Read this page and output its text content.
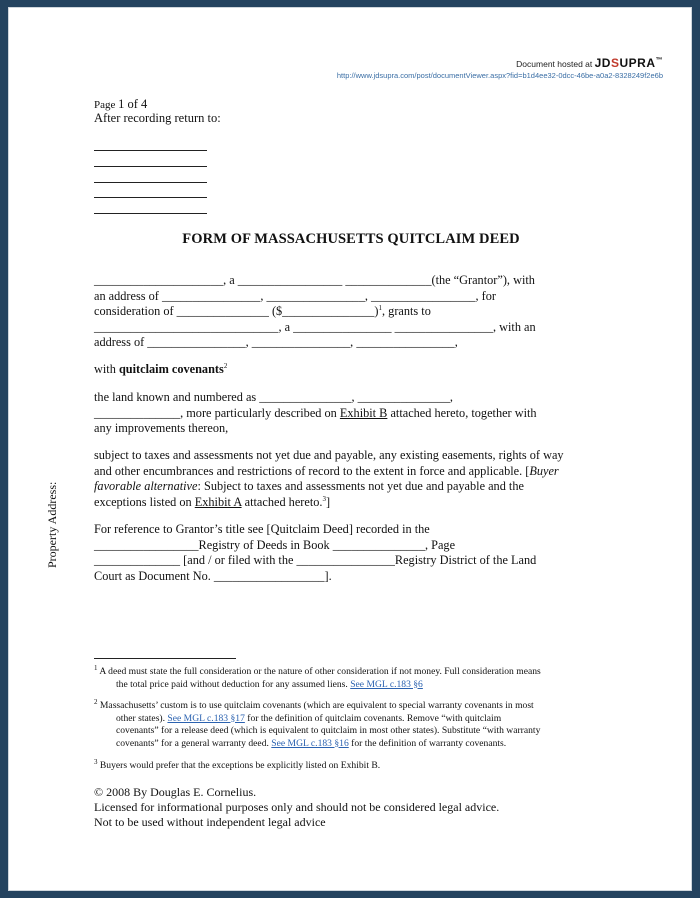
Document hosted at JDSUPRA™
http://www.jdsupra.com/post/documentViewer.aspx?fid=b1d4ee32-0dcc-46be-a0a2-8328249f2e6b
Page 1 of 4
After recording return to:
FORM OF MASSACHUSETTS QUITCLAIM DEED
_____________________, a _________________ ______________(the “Grantor”), with
an address of ________________, ________________, _________________, for
consideration of _______________ ($_______________)$^1$, grants to
______________________________, a ________________ ________________, with an
address of ________________, ________________, ________________,
with quitclaim covenants$^2$
the land known and numbered as _______________, _______________,
______________, more particularly described on Exhibit B attached hereto, together with
any improvements thereon,
subject to taxes and assessments not yet due and payable, any existing easements, rights of way
and other encumbrances and restrictions of record to the extent in force and applicable. [Buyer
favorable alternative: Subject to taxes and assessments not yet due and payable and the
exceptions listed on Exhibit A attached hereto.$^3$]
For reference to Grantor’s title see [Quitclaim Deed] recorded in the
_________________Registry of Deeds in Book _______________, Page
______________ [and / or filed with the ________________Registry District of the Land
Court as Document No. __________________].
Property Address:
$^1$ A deed must state the full consideration or the nature of other consideration if not money. Full consideration means
the total price paid without deduction for any assumed liens. See MGL c.183 §6
$^2$ Massachusetts’ custom is to use quitclaim covenants (which are equivalent to special warranty covenants in most
other states). See MGL c.183 §17 for the definition of quitclaim covenants. Remove “with quitclaim
covenants” for a release deed (which is equivalent to quitclaim in most other states). Substitute “with warranty
covenants” for a general warranty deed. See MGL c.183 §16 for the definition of warranty covenants.
$^3$ Buyers would prefer that the exceptions be explicitly listed on Exhibit B.
© 2008 By Douglas E. Cornelius.
Licensed for informational purposes only and should not be considered legal advice.
Not to be used without independent legal advice
